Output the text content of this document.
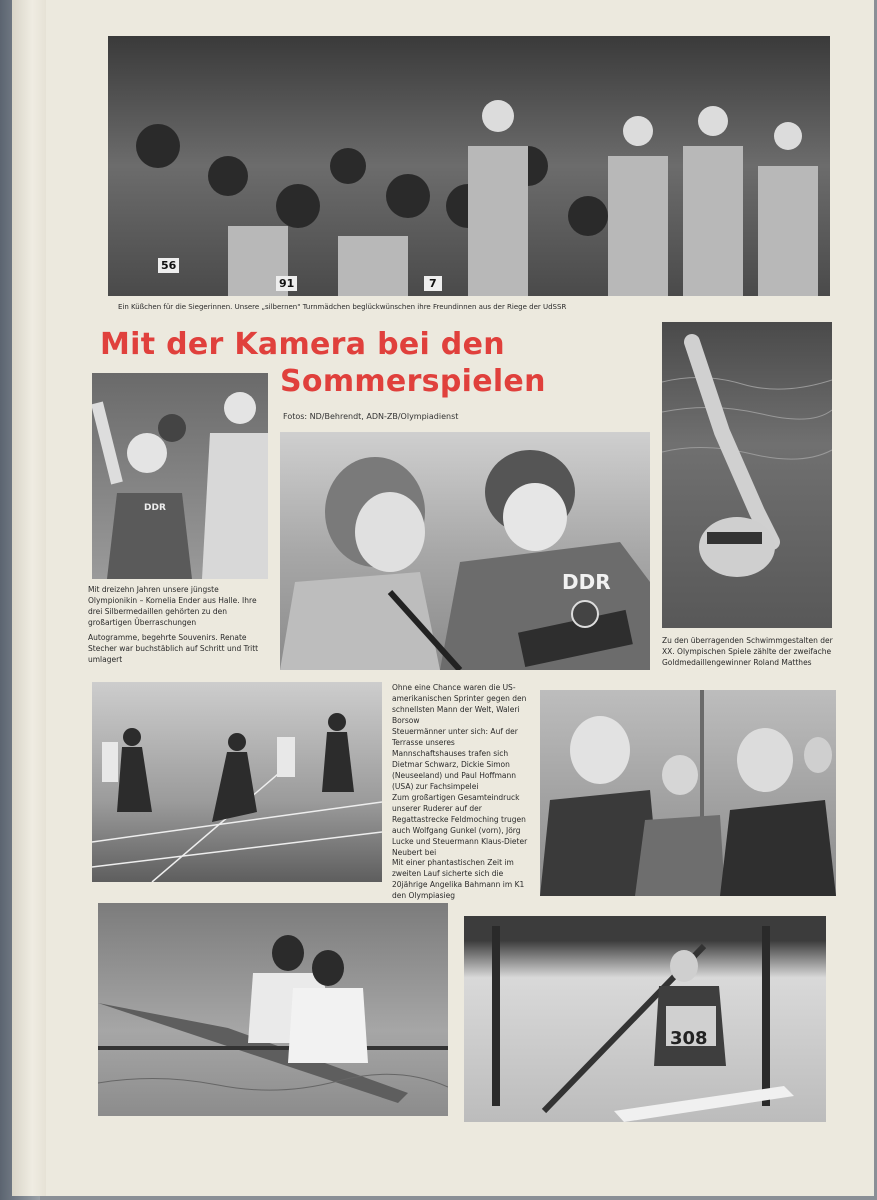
56
91	7

Ein Küßchen für die Siegerinnen. Unsere „silbernen" Turnmädchen beglückwünschen ihre Freundinnen aus der Riege der UdSSR

Mit der Kamera bei den
Sommerspielen
Fotos: ND/Behrendt, ADN-ZB/Olympiadienst

Zu den überragenden Schwimmgestalten der XX. Olympischen Spiele zählte der zweifache Goldmedaillengewinner Roland Matthes

DDR

Mit dreizehn Jahren unsere jüngste Olympionikin – Kornelia Ender aus Halle. Ihre drei Silbermedaillen gehörten zu den großartigen Überraschungen

Autogramme, begehrte Souvenirs. Renate Stecher war buchstäblich auf Schritt und Tritt umlagert

DDR

Ohne eine Chance waren die US-amerikanischen Sprinter gegen den schnellsten Mann der Welt, Waleri Borsow

Steuermänner unter sich: Auf der Terrasse unseres Mannschaftshauses trafen sich Dietmar Schwarz, Dickie Simon (Neuseeland) und Paul Hoffmann (USA) zur Fachsimpelei

Zum großartigen Gesamteindruck unserer Ruderer auf der Regattastrecke Feldmoching trugen auch Wolfgang Gunkel (vorn), Jörg Lucke und Steuermann Klaus-Dieter Neubert bei

Mit einer phantastischen Zeit im zweiten Lauf sicherte sich die 20jährige Angelika Bahmann im K1 den Olympiasieg

308
